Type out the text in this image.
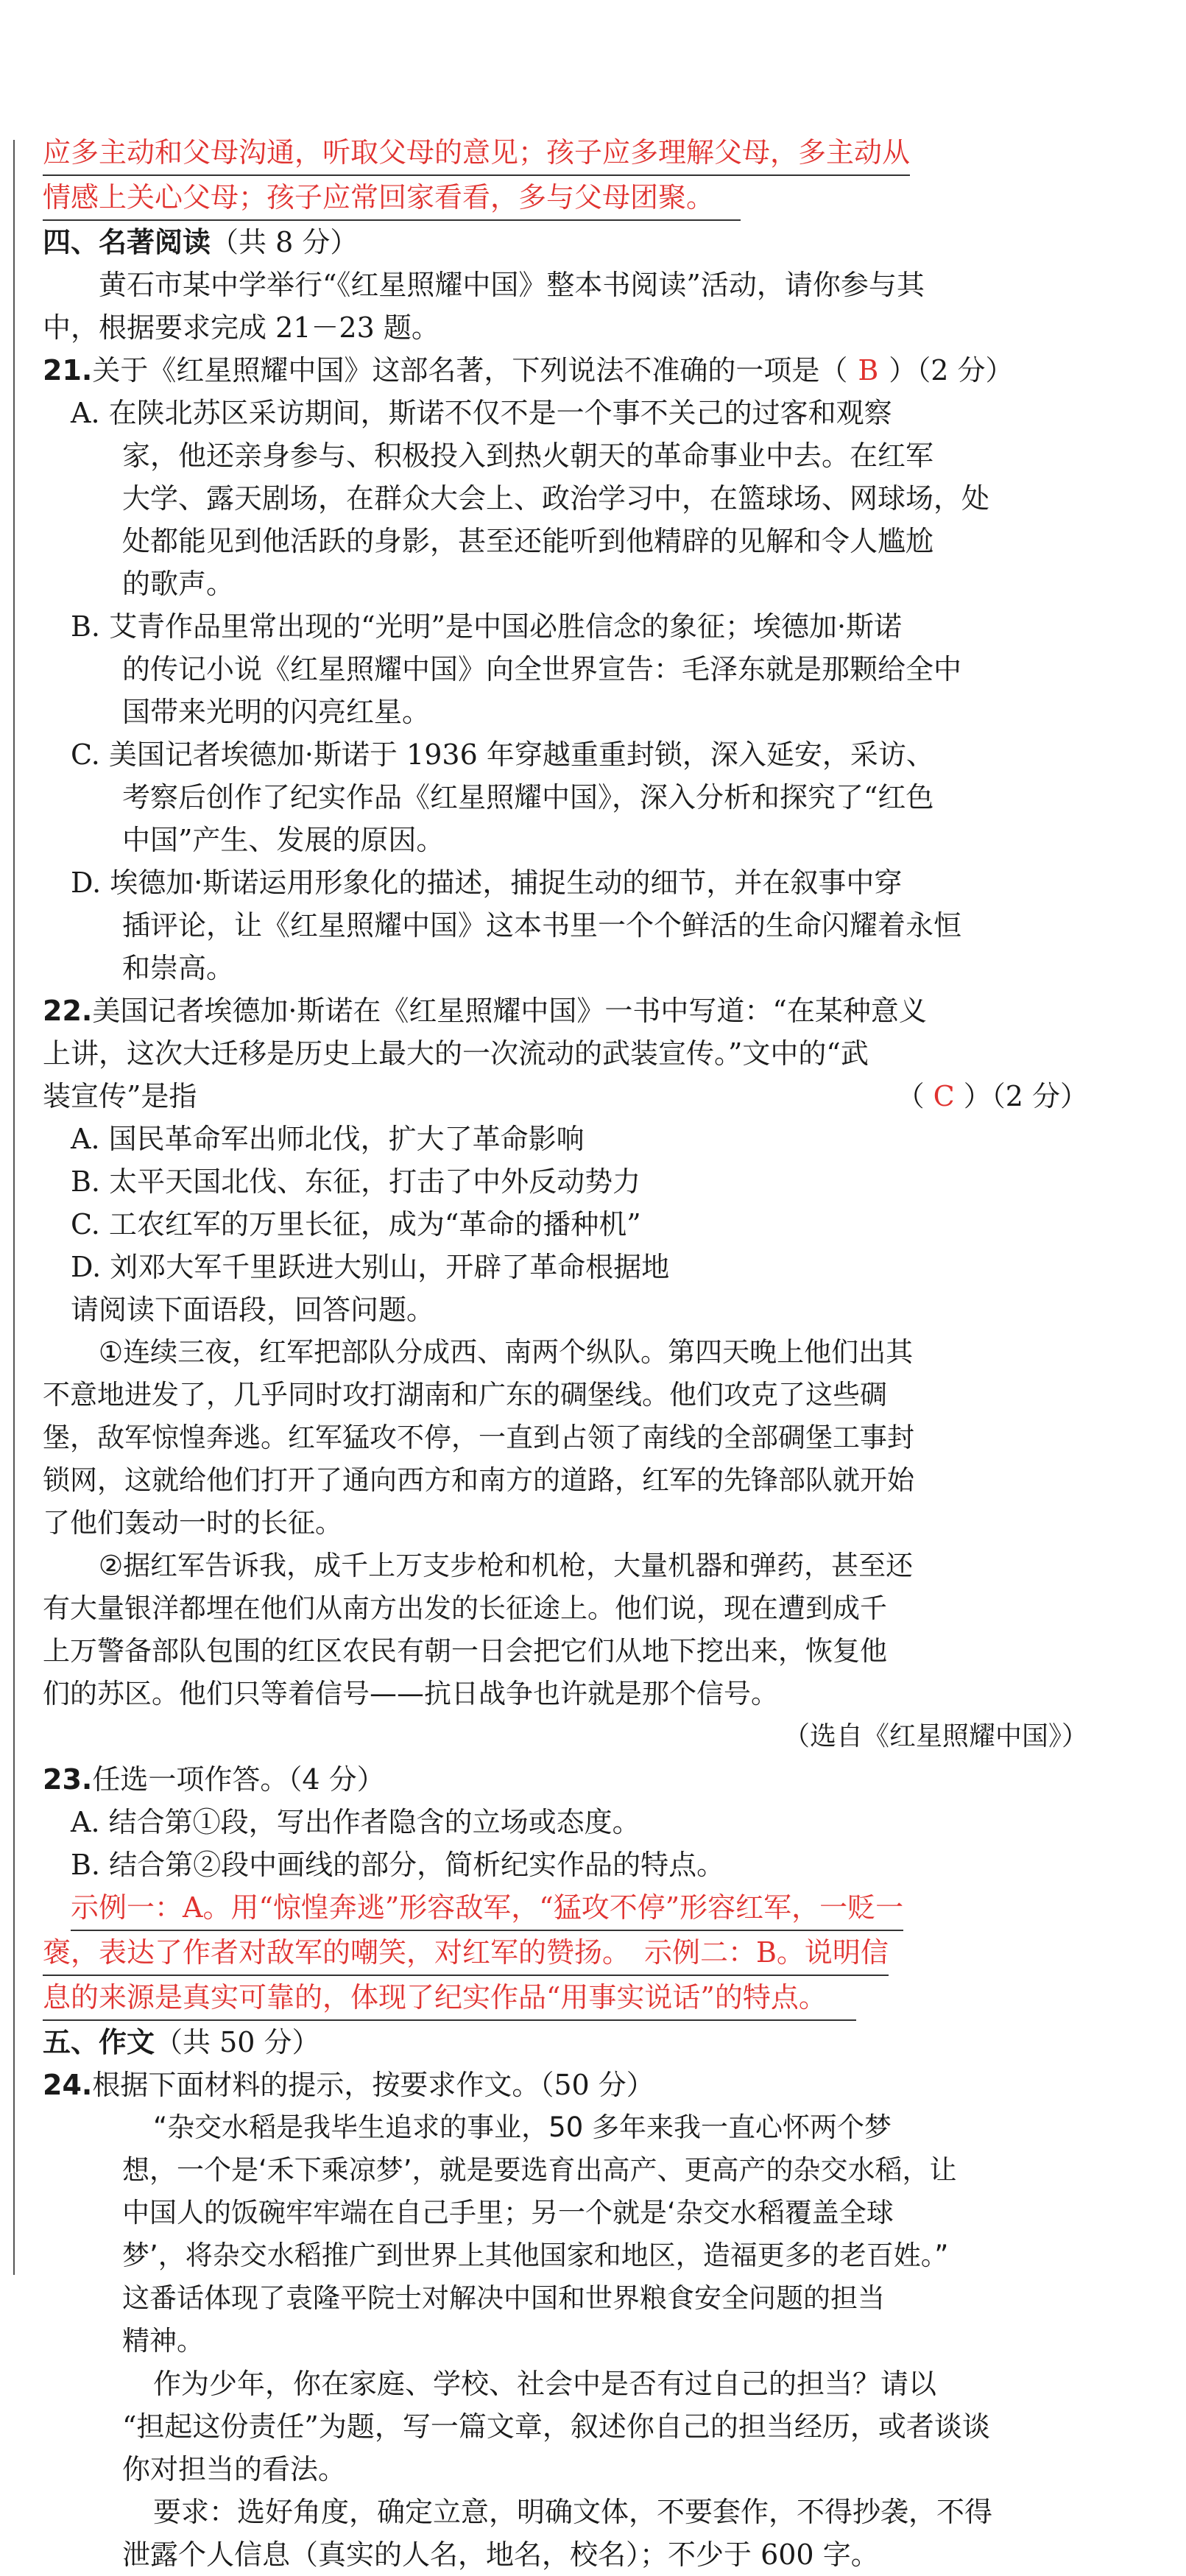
应多主动和父母沟通，听取父母的意见；孩子应多理解父母，多主动从

情感上关心父母；孩子应常回家看看，多与父母团聚。

四、名著阅读（共 8 分）

黄石市某中学举行“《红星照耀中国》整本书阅读”活动，请你参与其

中，根据要求完成 21－23 题。

21.关于《红星照耀中国》这部名著，下列说法不准确的一项是（ B ）（2 分）

A. 在陕北苏区采访期间，斯诺不仅不是一个事不关己的过客和观察

家，他还亲身参与、积极投入到热火朝天的革命事业中去。在红军

大学、露天剧场，在群众大会上、政治学习中，在篮球场、网球场，处

处都能见到他活跃的身影，甚至还能听到他精辟的见解和令人尴尬

的歌声。

B. 艾青作品里常出现的“光明”是中国必胜信念的象征；埃德加·斯诺

的传记小说《红星照耀中国》向全世界宣告：毛泽东就是那颗给全中

国带来光明的闪亮红星。

C. 美国记者埃德加·斯诺于 1936 年穿越重重封锁，深入延安，采访、

考察后创作了纪实作品《红星照耀中国》，深入分析和探究了“红色

中国”产生、发展的原因。

D. 埃德加·斯诺运用形象化的描述，捕捉生动的细节，并在叙事中穿

插评论，让《红星照耀中国》这本书里一个个鲜活的生命闪耀着永恒

和崇高。

22.美国记者埃德加·斯诺在《红星照耀中国》一书中写道：“在某种意义

上讲，这次大迁移是历史上最大的一次流动的武装宣传。”文中的“武

装宣传”是指	（ C ）（2 分）

A. 国民革命军出师北伐，扩大了革命影响

B. 太平天国北伐、东征，打击了中外反动势力

C. 工农红军的万里长征，成为“革命的播种机”

D. 刘邓大军千里跃进大别山，开辟了革命根据地

请阅读下面语段，回答问题。

①连续三夜，红军把部队分成西、南两个纵队。第四天晚上他们出其

不意地进发了，几乎同时攻打湖南和广东的碉堡线。他们攻克了这些碉

堡，敌军惊惶奔逃。红军猛攻不停，一直到占领了南线的全部碉堡工事封

锁网，这就给他们打开了通向西方和南方的道路，红军的先锋部队就开始

了他们轰动一时的长征。

②据红军告诉我，成千上万支步枪和机枪，大量机器和弹药，甚至还

有大量银洋都埋在他们从南方出发的长征途上。他们说，现在遭到成千

上万警备部队包围的红区农民有朝一日会把它们从地下挖出来，恢复他

们的苏区。他们只等着信号——抗日战争也许就是那个信号。

（选自《红星照耀中国》）

23.任选一项作答。（4 分）

A. 结合第①段，写出作者隐含的立场或态度。

B. 结合第②段中画线的部分，简析纪实作品的特点。

示例一：A。用“惊惶奔逃”形容敌军，“猛攻不停”形容红军，一贬一

褒，表达了作者对敌军的嘲笑，对红军的赞扬。　示例二：B。说明信

息的来源是真实可靠的，体现了纪实作品“用事实说话”的特点。

五、作文（共 50 分）

24.根据下面材料的提示，按要求作文。（50 分）

“杂交水稻是我毕生追求的事业，50 多年来我一直心怀两个梦

想，一个是‘禾下乘凉梦’，就是要选育出高产、更高产的杂交水稻，让

中国人的饭碗牢牢端在自己手里；另一个就是‘杂交水稻覆盖全球

梦’，将杂交水稻推广到世界上其他国家和地区，造福更多的老百姓。”

这番话体现了袁隆平院士对解决中国和世界粮食安全问题的担当

精神。

作为少年，你在家庭、学校、社会中是否有过自己的担当？请以

“担起这份责任”为题，写一篇文章，叙述你自己的担当经历，或者谈谈

你对担当的看法。

要求：选好角度，确定立意，明确文体，不要套作，不得抄袭，不得

泄露个人信息（真实的人名，地名，校名）；不少于 600 字。
